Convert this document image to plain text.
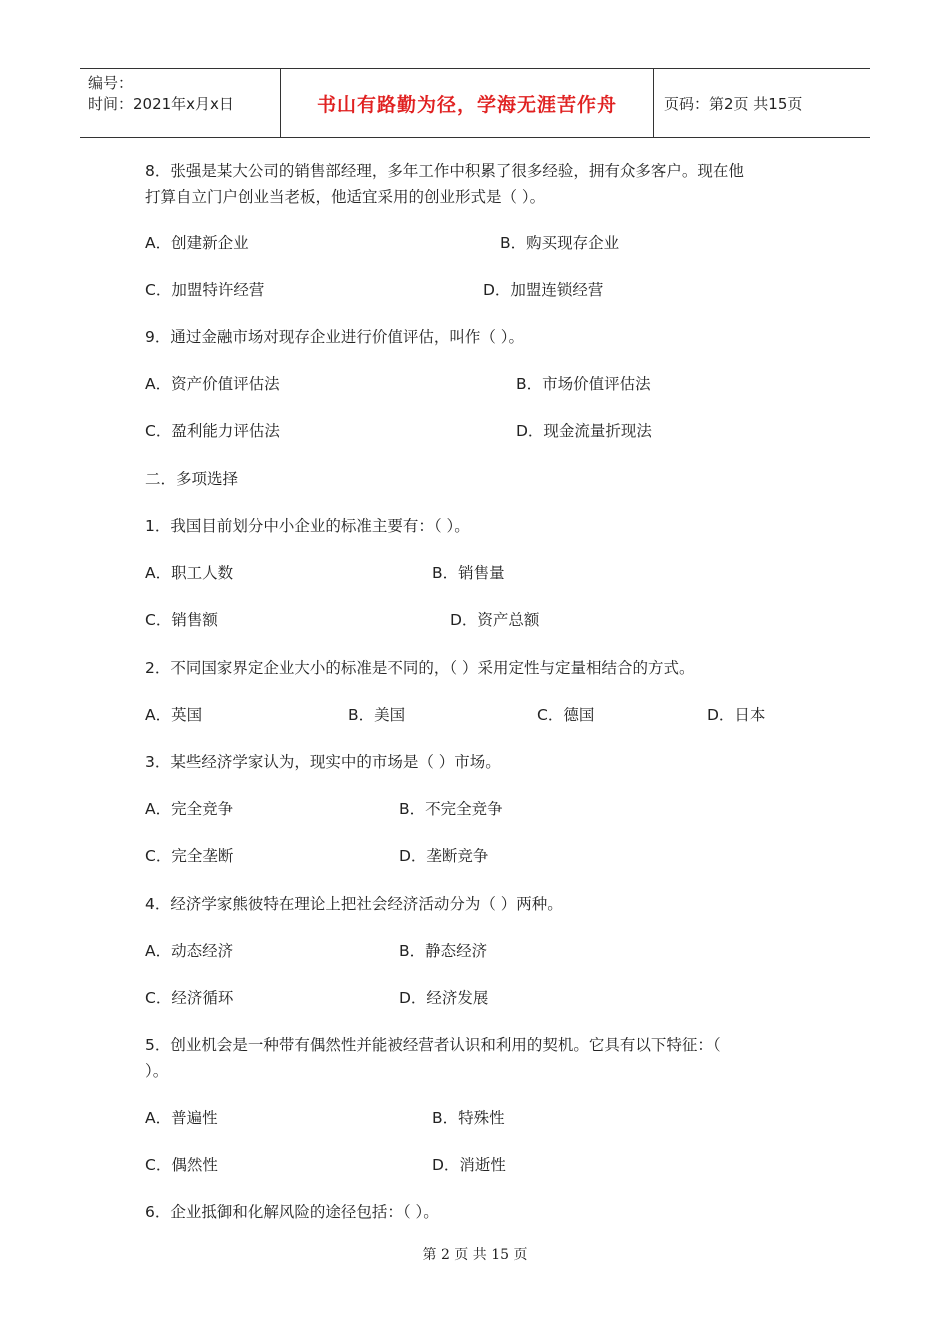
编号：
时间：2021年x月x日	书山有路勤为径，学海无涯苦作舟	页码：第2页 共15页
8．张强是某大公司的销售部经理，多年工作中积累了很多经验，拥有众多客户。现在他
打算自立门户创业当老板，他适宜采用的创业形式是（ ）。
A．创建新企业	B．购买现存企业
C．加盟特许经营	D．加盟连锁经营
9．通过金融市场对现存企业进行价值评估，叫作（ ）。
A．资产价值评估法	B．市场价值评估法
C．盈利能力评估法	D．现金流量折现法
二．多项选择
1．我国目前划分中小企业的标准主要有：（ ）。
A．职工人数	B．销售量
C．销售额	D．资产总额
2．不同国家界定企业大小的标准是不同的，（ ）采用定性与定量相结合的方式。
A．英国	B．美国	C．德国	D．日本
3．某些经济学家认为，现实中的市场是（ ）市场。
A．完全竞争	B．不完全竞争
C．完全垄断	D．垄断竞争
4．经济学家熊彼特在理论上把社会经济活动分为（ ）两种。
A．动态经济	B．静态经济
C．经济循环	D．经济发展
5．创业机会是一种带有偶然性并能被经营者认识和利用的契机。它具有以下特征：（
）。
A．普遍性	B．特殊性
C．偶然性	D．消逝性
6．企业抵御和化解风险的途径包括：（ ）。
第 2 页 共 15 页
